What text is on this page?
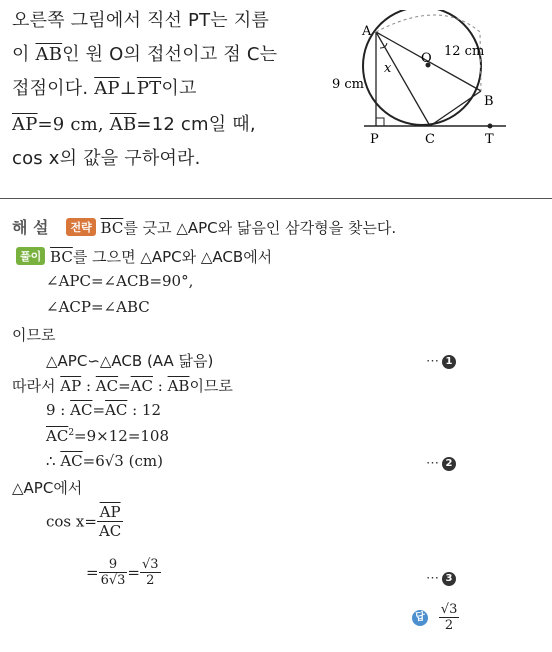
오른쪽 그림에서 직선 PT는 지름
이 $\overline{AB}$인 원 O의 접선이고 점 C는
접점이다. $\overline{AP}\perp\overline{PT}$이고
$\overline{AP}=9$ cm, $\overline{AB}=12$ cm일 때,
cos x의 값을 구하여라.
A
O
B
P	C	T
x
12 cm
9 cm
해 설 전략 $\overline{BC}$를 긋고 △APC와 닮음인 삼각형을 찾는다.
풀이 $\overline{BC}$를 그으면 △APC와 △ACB에서
∠APC=∠ACB=90°,
∠ACP=∠ABC
이므로
△APC∽△ACB (AA 닮음)	⋯ 1
따라서 $\overline{AP}$ : $\overline{AC}=\overline{AC}$ : $\overline{AB}$이므로
9 : $\overline{AC}=\overline{AC}$ : 12
$\overline{AC}^2=9\times 12=108$
∴ $\overline{AC}=6√3$ (cm)	⋯ 2
△APC에서
$\cos x= \frac{\overline{AP}}{AC}$
= $\frac{9}{6√3} = \frac{√3}{2}$	⋯ 3
답 $\frac{√3}{2}$
